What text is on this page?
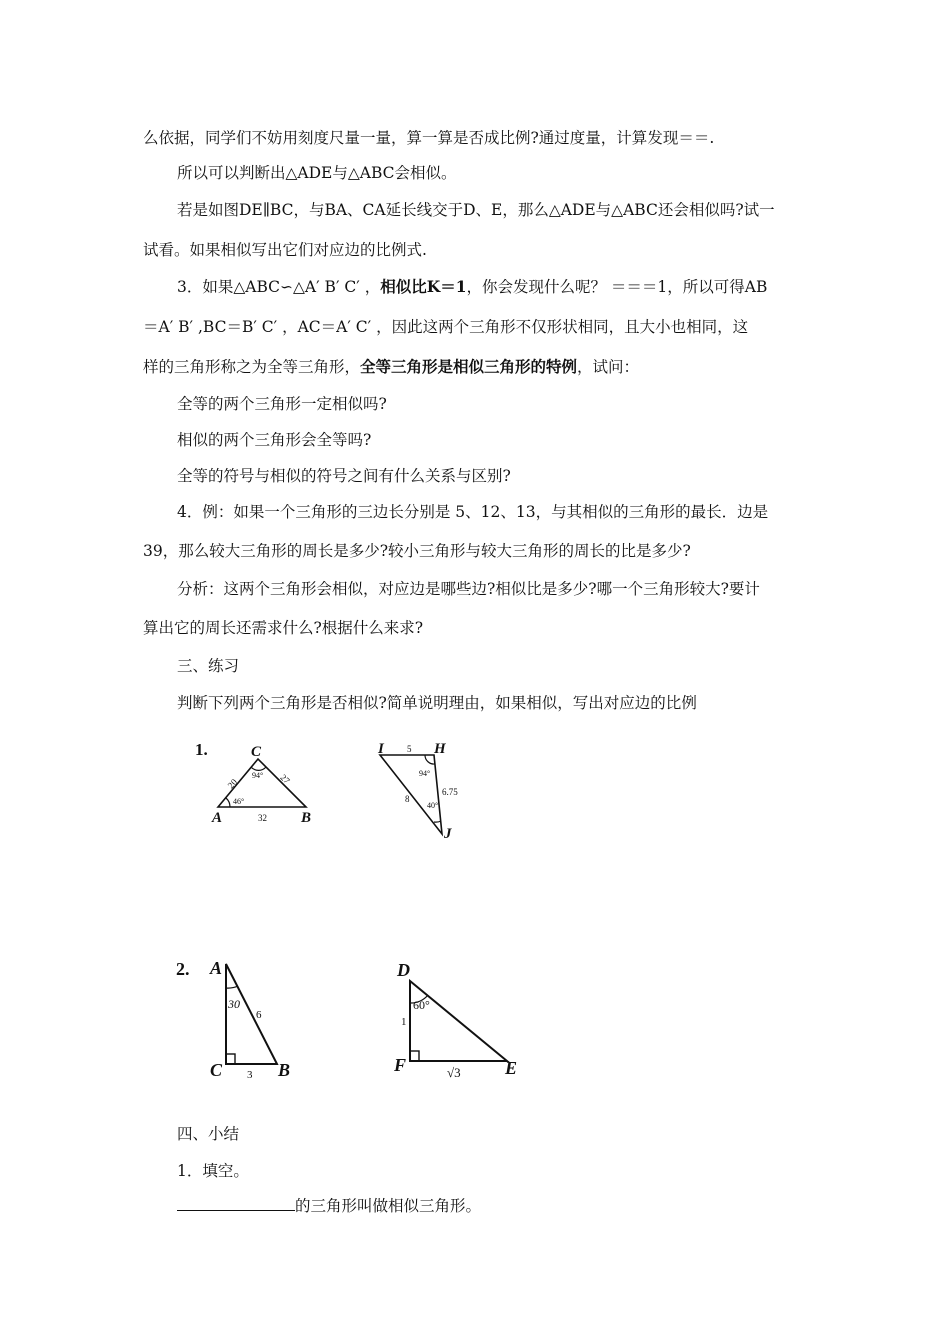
么依据，同学们不妨用刻度尺量一量，算一算是否成比例?通过度量，计算发现＝＝.
所以可以判断出△ADE与△ABC会相似。
若是如图DE∥BC，与BA、CA延长线交于D、E，那么△ADE与△ABC还会相似吗?试一
试看。如果相似写出它们对应边的比例式.
3．如果△ABC∽△A′ B′ C′ ，相似比K＝1，你会发现什么呢？ ＝＝＝1，所以可得AB
＝A′ B′ ,BC＝B′ C′ ，AC＝A′ C′ ，因此这两个三角形不仅形状相同，且大小也相同，这
样的三角形称之为全等三角形，全等三角形是相似三角形的特例，试问：
全等的两个三角形一定相似吗?
相似的两个三角形会全等吗?
全等的符号与相似的符号之间有什么关系与区别?
4．例：如果一个三角形的三边长分别是 5、12、13，与其相似的三角形的最长．边是
39，那么较大三角形的周长是多少?较小三角形与较大三角形的周长的比是多少?
分析：这两个三角形会相似，对应边是哪些边?相似比是多少?哪一个三角形较大?要计
算出它的周长还需求什么?根据什么来求?
三、练习
判断下列两个三角形是否相似?简单说明理由，如果相似，写出对应边的比例
1.
A	B
C
20	27
32
46°
94°
I	H
J
5
6.75
8
94°
40°
2. A
C	B
30
6
3
D
F	E
60°
1
√3
四、小结
1．填空。
的三角形叫做相似三角形。
